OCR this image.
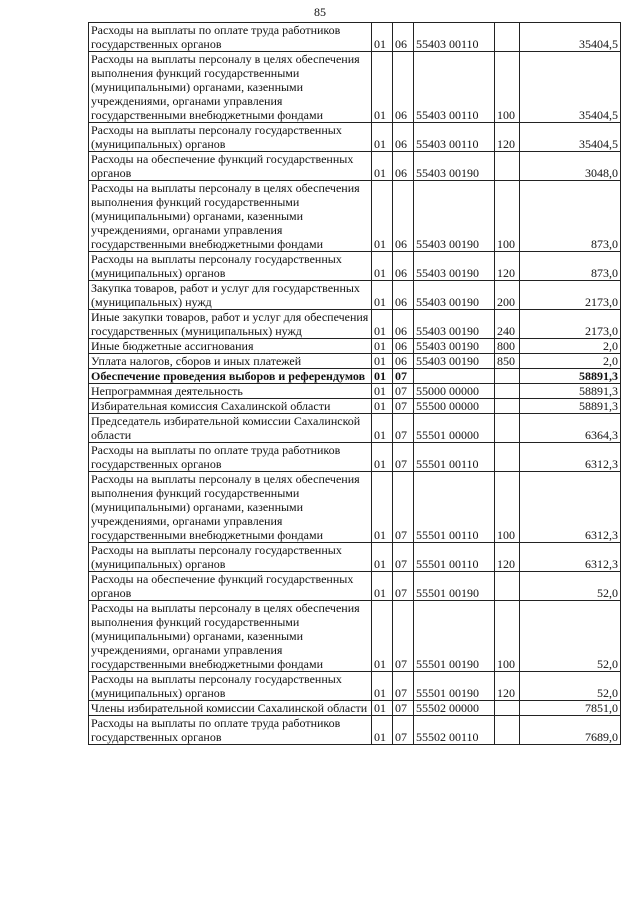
85
Расходы на выплаты по оплате труда работников государственных органов	01	06	55403 00110		35404,5
Расходы на выплаты персоналу в целях обеспечения выполнения функций государственными (муниципальными) органами, казенными учреждениями, органами управления государственными внебюджетными фондами	01	06	55403 00110	100	35404,5
Расходы на выплаты персоналу государственных (муниципальных) органов	01	06	55403 00110	120	35404,5
Расходы на обеспечение функций государственных органов	01	06	55403 00190		3048,0
Расходы на выплаты персоналу в целях обеспечения выполнения функций государственными (муниципальными) органами, казенными учреждениями, органами управления государственными внебюджетными фондами	01	06	55403 00190	100	873,0
Расходы на выплаты персоналу государственных (муниципальных) органов	01	06	55403 00190	120	873,0
Закупка товаров, работ и услуг для государственных (муниципальных) нужд	01	06	55403 00190	200	2173,0
Иные закупки товаров, работ и услуг для обеспечения государственных (муниципальных) нужд	01	06	55403 00190	240	2173,0
Иные бюджетные ассигнования	01	06	55403 00190	800	2,0
Уплата налогов, сборов и иных платежей	01	06	55403 00190	850	2,0
Обеспечение проведения выборов и референдумов	01	07			58891,3
Непрограммная деятельность	01	07	55000 00000		58891,3
Избирательная комиссия Сахалинской области	01	07	55500 00000		58891,3
Председатель избирательной комиссии Сахалинской области	01	07	55501 00000		6364,3
Расходы на выплаты по оплате труда работников государственных органов	01	07	55501 00110		6312,3
Расходы на выплаты персоналу в целях обеспечения выполнения функций государственными (муниципальными) органами, казенными учреждениями, органами управления государственными внебюджетными фондами	01	07	55501 00110	100	6312,3
Расходы на выплаты персоналу государственных (муниципальных) органов	01	07	55501 00110	120	6312,3
Расходы на обеспечение функций государственных органов	01	07	55501 00190		52,0
Расходы на выплаты персоналу в целях обеспечения выполнения функций государственными (муниципальными) органами, казенными учреждениями, органами управления государственными внебюджетными фондами	01	07	55501 00190	100	52,0
Расходы на выплаты персоналу государственных (муниципальных) органов	01	07	55501 00190	120	52,0
Члены избирательной комиссии Сахалинской области	01	07	55502 00000		7851,0
Расходы на выплаты по оплате труда работников государственных органов	01	07	55502 00110		7689,0
